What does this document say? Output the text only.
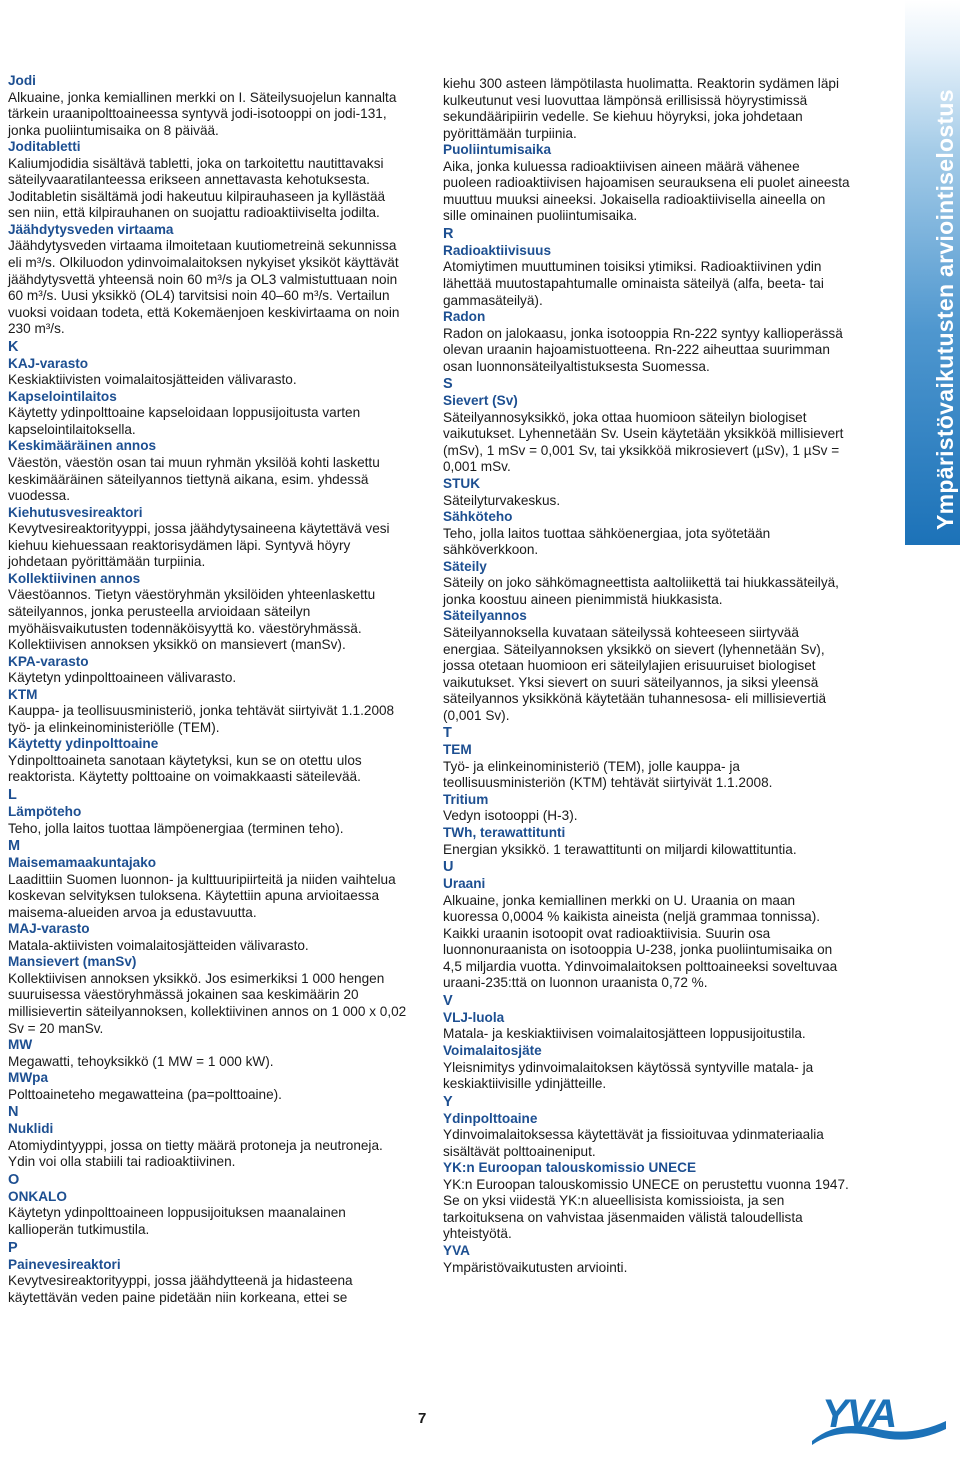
Ympäristövaikutusten arviointiselostus

Jodi

Alkuaine, jonka kemiallinen merkki on I. Säteilysuojelun kannalta tärkein uraanipolttoaineessa syntyvä jodi-isotooppi on jodi-131, jonka puoliintumisaika on 8 päivää.

Joditabletti

Kaliumjodidia sisältävä tabletti, joka on tarkoitettu nautittavaksi säteilyvaaratilanteessa erikseen annettavasta kehotuksesta. Joditabletin sisältämä jodi hakeutuu kilpirauhaseen ja kyllästää sen niin, että kilpirauhanen on suojattu radioaktiiviselta jodilta.

Jäähdytysveden virtaama

Jäähdytysveden virtaama ilmoitetaan kuutiometreinä sekunnissa eli m³/s. Olkiluodon ydinvoimalaitoksen nykyiset yksiköt käyttävät jäähdytysvettä yhteensä noin 60 m³/s ja OL3 valmistuttuaan noin 60 m³/s. Uusi yksikkö (OL4) tarvitsisi noin 40–60 m³/s. Vertailun vuoksi voidaan todeta, että Kokemäenjoen keskivirtaama on noin 230 m³/s.

K

KAJ-varasto

Keskiaktiivisten voimalaitosjätteiden välivarasto.

Kapselointilaitos

Käytetty ydinpolttoaine kapseloidaan loppusijoitusta varten kapselointilaitoksella.

Keskimääräinen annos

Väestön, väestön osan tai muun ryhmän yksilöä kohti laskettu keskimääräinen säteilyannos tiettynä aikana, esim. yhdessä vuodessa.

Kiehutusvesireaktori

Kevytvesireaktorityyppi, jossa jäähdytysaineena käytettävä vesi kiehuu kiehuessaan reaktorisydämen läpi. Syntyvä höyry johdetaan pyörittämään turpiinia.

Kollektiivinen annos

Väestöannos. Tietyn väestöryhmän yksilöiden yhteenlaskettu säteilyannos, jonka perusteella arvioidaan säteilyn myöhäisvaikutusten todennäköisyyttä ko. väestöryhmässä. Kollektiivisen annoksen yksikkö on mansievert (manSv).

KPA-varasto

Käytetyn ydinpolttoaineen välivarasto.

KTM

Kauppa- ja teollisuusministeriö, jonka tehtävät siirtyivät 1.1.2008 työ- ja elinkeinoministeriölle (TEM).

Käytetty ydinpolttoaine

Ydinpolttoaineta sanotaan käytetyksi, kun se on otettu ulos reaktorista. Käytetty polttoaine on voimakkaasti säteilevää.

L

Lämpöteho

Teho, jolla laitos tuottaa lämpöenergiaa (terminen teho).

M

Maisemamaakuntajako

Laadittiin Suomen luonnon- ja kulttuuripiirteitä ja niiden vaihtelua koskevan selvityksen tuloksena. Käytettiin apuna arvioitaessa maisema-alueiden arvoa ja edustavuutta.

MAJ-varasto

Matala-aktiivisten voimalaitosjätteiden välivarasto.

Mansievert (manSv)

Kollektiivisen annoksen yksikkö. Jos esimerkiksi 1 000 hengen suuruisessa väestöryhmässä jokainen saa keskimäärin 20 millisievertin säteilyannoksen, kollektiivinen annos on 1 000 x 0,02 Sv = 20 manSv.

MW

Megawatti, tehoyksikkö (1 MW = 1 000 kW).

MWpa

Polttoaineteho megawatteina (pa=polttoaine).

N

Nuklidi

Atomiydintyyppi, jossa on tietty määrä protoneja ja neutroneja. Ydin voi olla stabiili tai radioaktiivinen.

O

ONKALO

Käytetyn ydinpolttoaineen loppusijoituksen maanalainen kallioperän tutkimustila.

P

Painevesireaktori

Kevytvesireaktorityyppi, jossa jäähdytteenä ja hidasteena käytettävän veden paine pidetään niin korkeana, ettei se

kiehu 300 asteen lämpötilasta huolimatta. Reaktorin sydämen läpi kulkeutunut vesi luovuttaa lämpönsä erillisissä höyrystimissä sekundääripiirin vedelle. Se kiehuu höyryksi, joka johdetaan pyörittämään turpiinia.

Puoliintumisaika

Aika, jonka kuluessa radioaktiivisen aineen määrä vähenee puoleen radioaktiivisen hajoamisen seurauksena eli puolet aineesta muuttuu muuksi aineeksi. Jokaisella radioaktiivisella aineella on sille ominainen puoliintumisaika.

R

Radioaktiivisuus

Atomiytimen muuttuminen toisiksi ytimiksi. Radioaktiivinen ydin lähettää muutostapahtumalle ominaista säteilyä (alfa, beeta- tai gammasäteilyä).

Radon

Radon on jalokaasu, jonka isotooppia Rn-222 syntyy kallioperässä olevan uraanin hajoamistuotteena. Rn-222 aiheuttaa suurimman osan luonnonsäteilyaltistuksesta Suomessa.

S

Sievert (Sv)

Säteilyannosyksikkö, joka ottaa huomioon säteilyn biologiset vaikutukset. Lyhennetään Sv. Usein käytetään yksikköä millisievert (mSv), 1 mSv = 0,001 Sv, tai yksikköä mikrosievert (µSv), 1 µSv = 0,001 mSv.

STUK

Säteilyturvakeskus.

Sähköteho

Teho, jolla laitos tuottaa sähköenergiaa, jota syötetään sähköverkkoon.

Säteily

Säteily on joko sähkömagneettista aaltoliikettä tai hiukkassäteilyä, jonka koostuu aineen pienimmistä hiukkasista.

Säteilyannos

Säteilyannoksella kuvataan säteilyssä kohteeseen siirtyvää energiaa. Säteilyannoksen yksikkö on sievert (lyhennetään Sv), jossa otetaan huomioon eri säteilylajien erisuuruiset biologiset vaikutukset. Yksi sievert on suuri säteilyannos, ja siksi yleensä säteilyannos yksikkönä käytetään tuhannesosa- eli millisievertiä (0,001 Sv).

T

TEM

Työ- ja elinkeinoministeriö (TEM), jolle kauppa- ja teollisuusministeriön (KTM) tehtävät siirtyivät 1.1.2008.

Tritium

Vedyn isotooppi (H-3).

TWh, terawattitunti

Energian yksikkö. 1 terawattitunti on miljardi kilowattituntia.

U

Uraani

Alkuaine, jonka kemiallinen merkki on U. Uraania on maan kuoressa 0,0004 % kaikista aineista (neljä grammaa tonnissa). Kaikki uraanin isotoopit ovat radioaktiivisia. Suurin osa luonnonuraanista on isotooppia U-238, jonka puoliintumisaika on 4,5 miljardia vuotta. Ydinvoimalaitoksen polttoaineeksi soveltuvaa uraani-235:ttä on luonnon uraanista 0,72 %.

V

VLJ-luola

Matala- ja keskiaktiivisen voimalaitosjätteen loppusijoitustila.

Voimalaitosjäte

Yleisnimitys ydinvoimalaitoksen käytössä syntyville matala- ja keskiaktiivisille ydinjätteille.

Y

Ydinpolttoaine

Ydinvoimalaitoksessa käytettävät ja fissioituvaa ydinmateriaalia sisältävät polttoaineniput.

YK:n Euroopan talouskomissio UNECE

YK:n Euroopan talouskomissio UNECE on perustettu vuonna 1947. Se on yksi viidestä YK:n alueellisista komissioista, ja sen tarkoituksena on vahvistaa jäsenmaiden välistä taloudellista yhteistyötä.

YVA

Ympäristövaikutusten arviointi.

7	YVA
